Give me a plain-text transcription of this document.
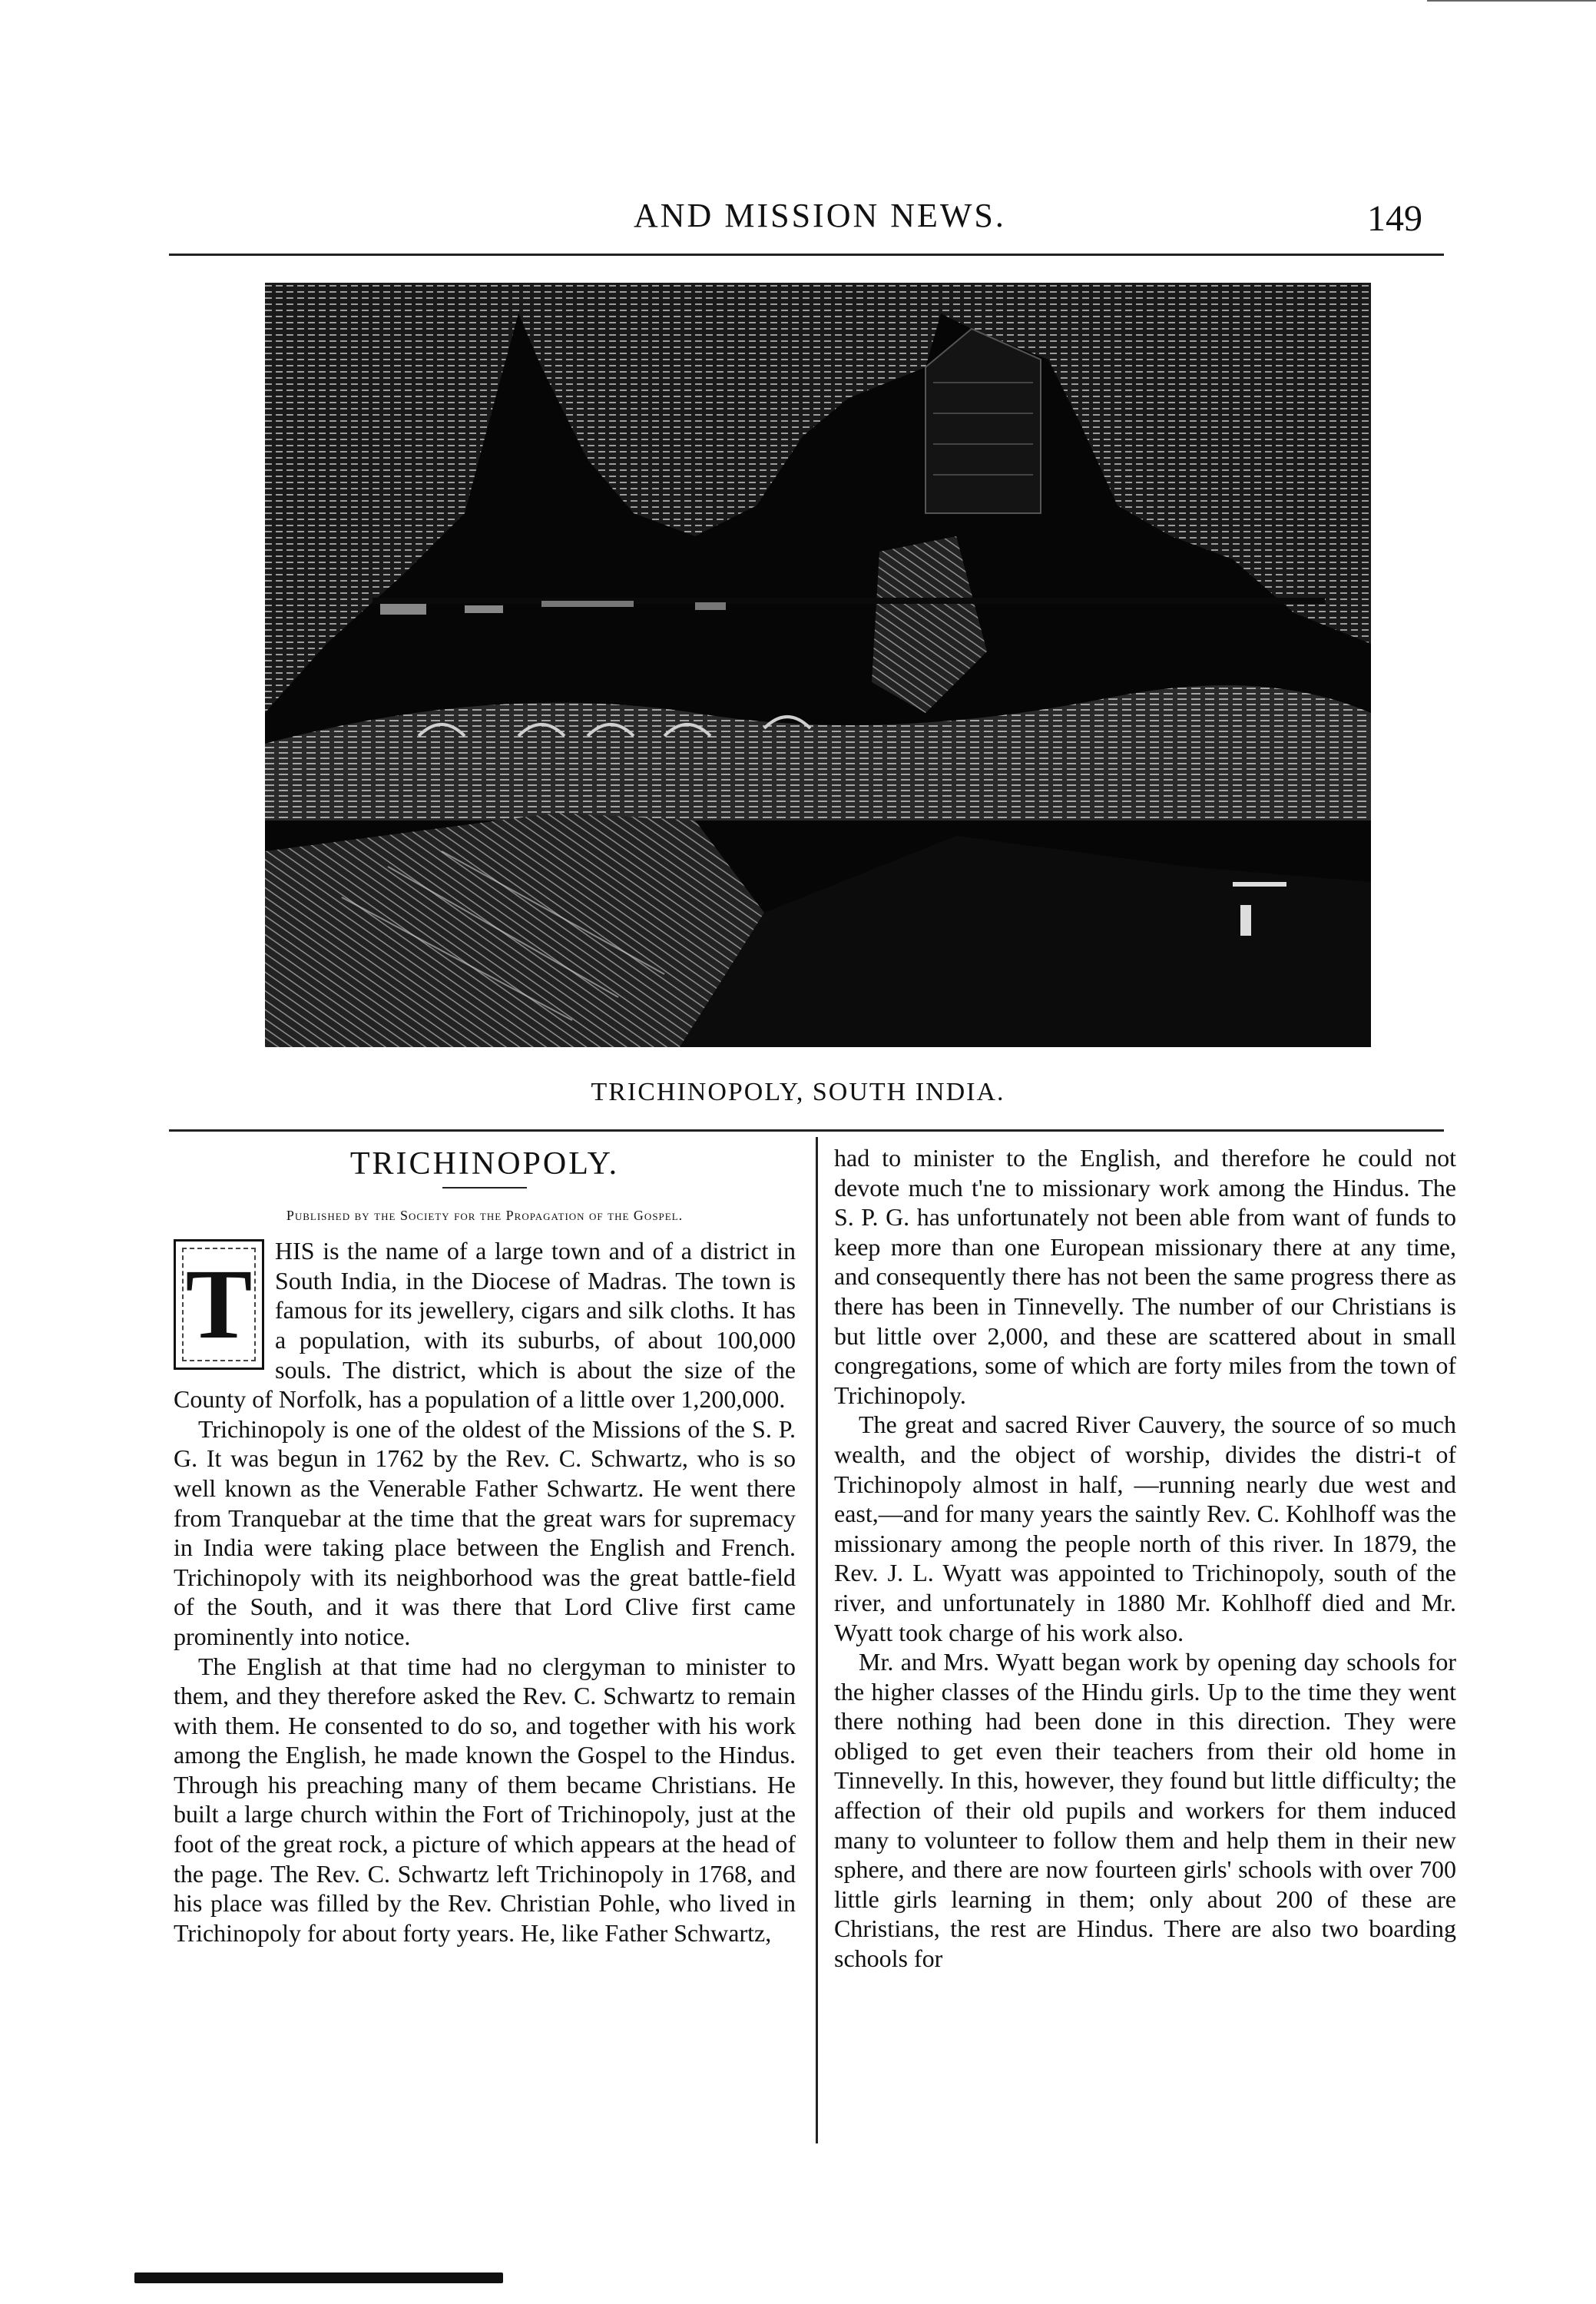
AND MISSION NEWS.	149
TRICHINOPOLY, SOUTH INDIA.
TRICHINOPOLY.
Published by the Society for the Propagation of the Gospel.

T HIS is the name of a large town and of a district in South India, in the Diocese of Madras. The town is famous for its jewellery, cigars and silk cloths. It has a population, with its suburbs, of about 100,000 souls. The district, which is about the size of the County of Norfolk, has a population of a little over 1,200,000.

Trichinopoly is one of the oldest of the Missions of the S. P. G. It was begun in 1762 by the Rev. C. Schwartz, who is so well known as the Venerable Father Schwartz. He went there from Tranquebar at the time that the great wars for supremacy in India were taking place between the English and French. Trichinopoly with its neighborhood was the great battle-field of the South, and it was there that Lord Clive first came prominently into notice.

The English at that time had no clergyman to minister to them, and they therefore asked the Rev. C. Schwartz to remain with them. He consented to do so, and together with his work among the English, he made known the Gospel to the Hindus. Through his preaching many of them became Christians. He built a large church within the Fort of Trichinopoly, just at the foot of the great rock, a picture of which appears at the head of the page. The Rev. C. Schwartz left Trichinopoly in 1768, and his place was filled by the Rev. Christian Pohle, who lived in Trichinopoly for about forty years. He, like Father Schwartz,

had to minister to the English, and therefore he could not devote much t'ne to missionary work among the Hindus. The S. P. G. has unfortunately not been able from want of funds to keep more than one European missionary there at any time, and consequently there has not been the same progress there as there has been in Tinnevelly. The number of our Christians is but little over 2,000, and these are scattered about in small congregations, some of which are forty miles from the town of Trichinopoly.

The great and sacred River Cauvery, the source of so much wealth, and the object of worship, divides the distri-t of Trichinopoly almost in half, —running nearly due west and east,—and for many years the saintly Rev. C. Kohlhoff was the missionary among the people north of this river. In 1879, the Rev. J. L. Wyatt was appointed to Trichinopoly, south of the river, and unfortunately in 1880 Mr. Kohlhoff died and Mr. Wyatt took charge of his work also.

Mr. and Mrs. Wyatt began work by opening day schools for the higher classes of the Hindu girls. Up to the time they went there nothing had been done in this direction. They were obliged to get even their teachers from their old home in Tinnevelly. In this, however, they found but little difficulty; the affection of their old pupils and workers for them induced many to volunteer to follow them and help them in their new sphere, and there are now fourteen girls' schools with over 700 little girls learning in them; only about 200 of these are Christians, the rest are Hindus. There are also two boarding schools for
